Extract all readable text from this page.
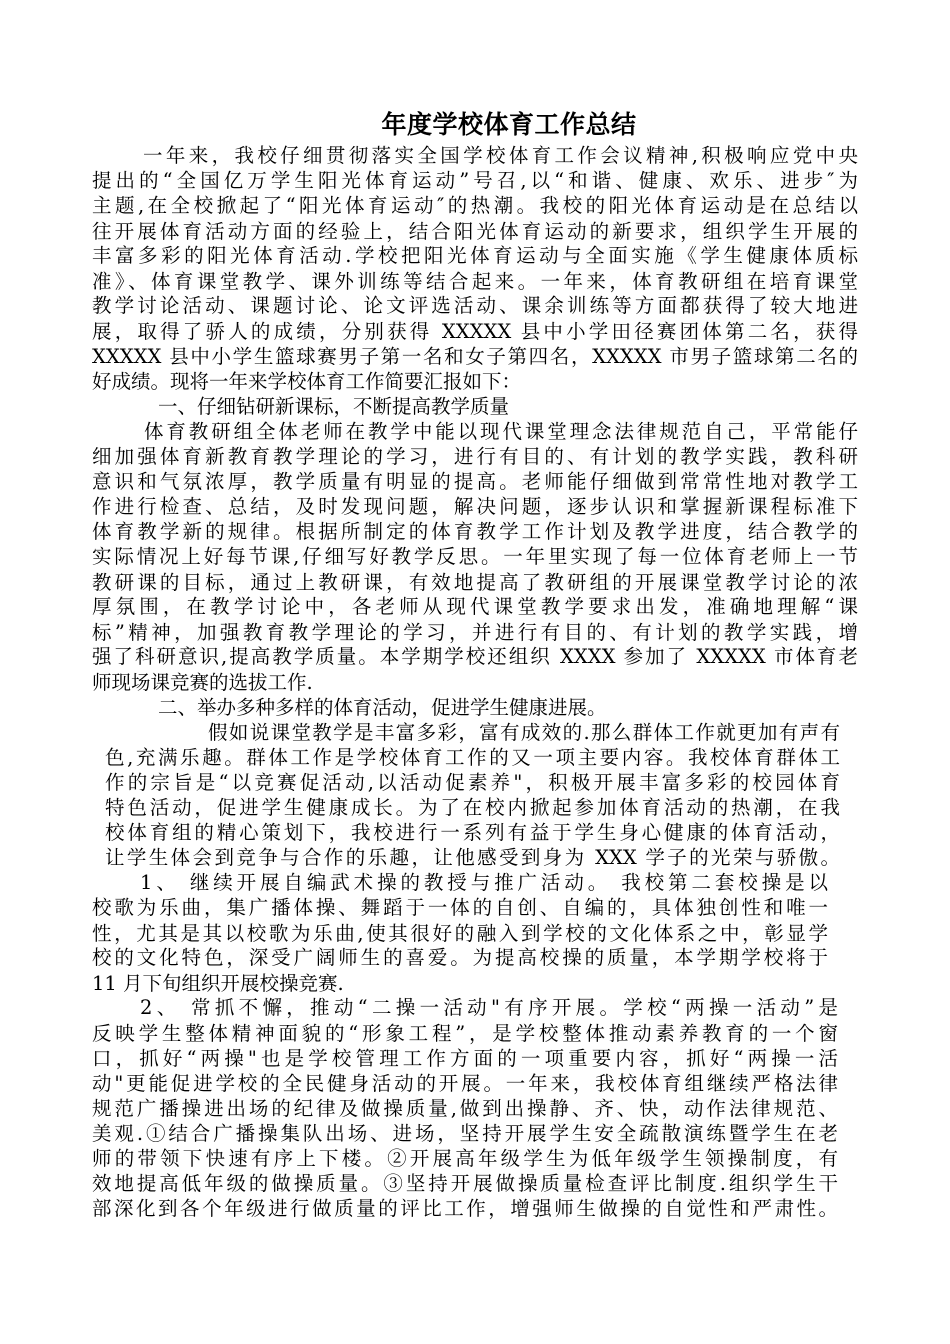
年度学校体育工作总结
一年来，我校仔细贯彻落实全国学校体育工作会议精神,积极响应党中央
提出的“全国亿万学生阳光体育运动”号召,以“和谐、健康、欢乐、进步″为
主题,在全校掀起了“阳光体育运动″的热潮。我校的阳光体育运动是在总结以
往开展体育活动方面的经验上，结合阳光体育运动的新要求，组织学生开展的
丰富多彩的阳光体育活动.学校把阳光体育运动与全面实施《学生健康体质标
准》、体育课堂教学、课外训练等结合起来。一年来，体育教研组在培育课堂
教学讨论活动、课题讨论、论文评选活动、课余训练等方面都获得了较大地进
展，取得了骄人的成绩，分别获得 XXXXX 县中小学田径赛团体第二名，获得
XXXXX 县中小学生篮球赛男子第一名和女子第四名，XXXXX 市男子篮球第二名的
好成绩。现将一年来学校体育工作简要汇报如下：
一、仔细钻研新课标，不断提高教学质量
体育教研组全体老师在教学中能以现代课堂理念法律规范自己，平常能仔
细加强体育新教育教学理论的学习，进行有目的、有计划的教学实践，教科研
意识和气氛浓厚，教学质量有明显的提高。老师能仔细做到常常性地对教学工
作进行检查、总结，及时发现问题，解决问题，逐步认识和掌握新课程标准下
体育教学新的规律。根据所制定的体育教学工作计划及教学进度，结合教学的
实际情况上好每节课,仔细写好教学反思。一年里实现了每一位体育老师上一节
教研课的目标，通过上教研课，有效地提高了教研组的开展课堂教学讨论的浓
厚氛围，在教学讨论中，各老师从现代课堂教学要求出发，准确地理解“课
标”精神，加强教育教学理论的学习，并进行有目的、有计划的教学实践，增
强了科研意识,提高教学质量。本学期学校还组织 XXXX 参加了 XXXXX 市体育老
师现场课竞赛的选拔工作.
二、举办多种多样的体育活动，促进学生健康进展。
假如说课堂教学是丰富多彩，富有成效的.那么群体工作就更加有声有
色,充满乐趣。群体工作是学校体育工作的又一项主要内容。我校体育群体工
作的宗旨是“以竞赛促活动,以活动促素养"，积极开展丰富多彩的校园体育
特色活动，促进学生健康成长。为了在校内掀起参加体育活动的热潮，在我
校体育组的精心策划下，我校进行一系列有益于学生身心健康的体育活动，
让学生体会到竞争与合作的乐趣，让他感受到身为 XXX 学子的光荣与骄傲。
1、 继续开展自编武术操的教授与推广活动。 我校第二套校操是以
校歌为乐曲，集广播体操、舞蹈于一体的自创、自编的，具体独创性和唯一
性，尤其是其以校歌为乐曲,使其很好的融入到学校的文化体系之中，彰显学
校的文化特色，深受广阔师生的喜爱。为提高校操的质量，本学期学校将于
11 月下旬组织开展校操竞赛.
2、 常抓不懈，推动“二操一活动"有序开展。学校“两操一活动”是
反映学生整体精神面貌的“形象工程”，是学校整体推动素养教育的一个窗
口，抓好“两操"也是学校管理工作方面的一项重要内容，抓好“两操一活
动"更能促进学校的全民健身活动的开展。一年来，我校体育组继续严格法律
规范广播操进出场的纪律及做操质量,做到出操静、齐、快，动作法律规范、
美观.①结合广播操集队出场、进场，坚持开展学生安全疏散演练暨学生在老
师的带领下快速有序上下楼。②开展高年级学生为低年级学生领操制度，有
效地提高低年级的做操质量。③坚持开展做操质量检查评比制度.组织学生干
部深化到各个年级进行做质量的评比工作，增强师生做操的自觉性和严肃性。
